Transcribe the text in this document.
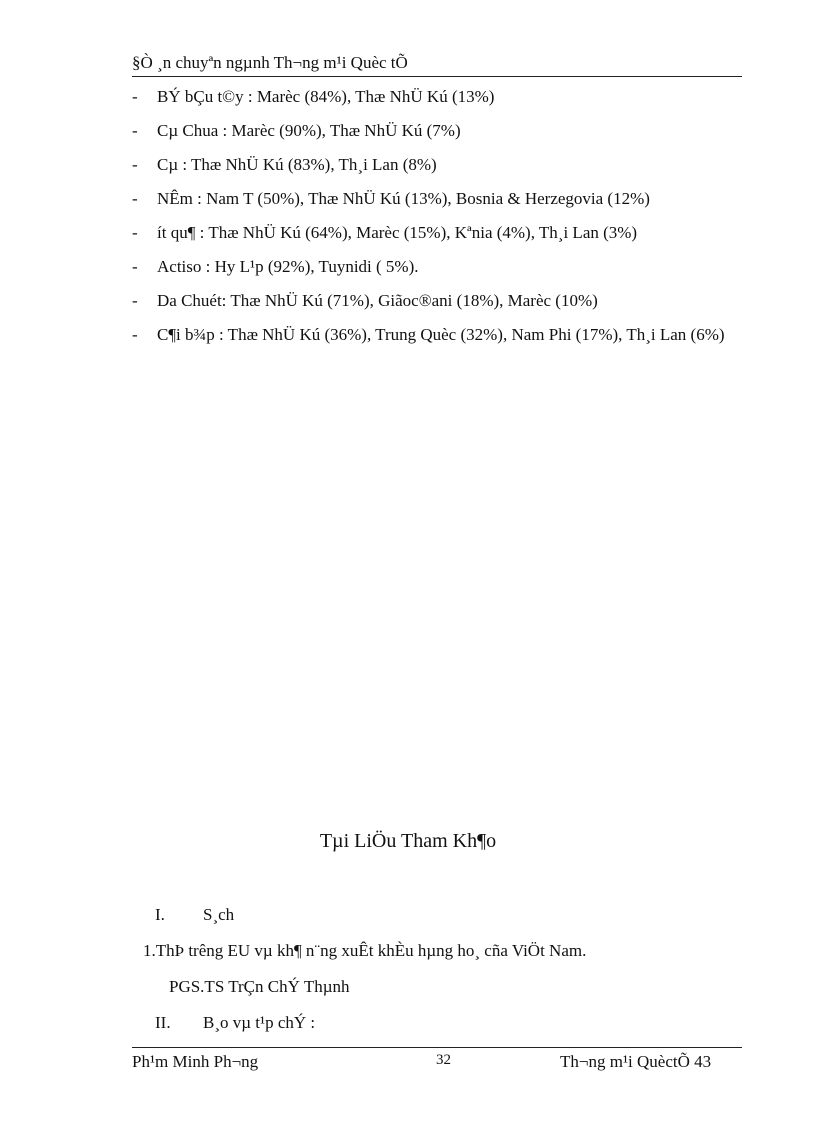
§Ò ¸n chuyªn ngµnh Th¬ng m¹i Quèc tÕ
- BÝ bÇu t©y : Marèc (84%), Thæ NhÜ Kú (13%)
- Cµ Chua : Marèc (90%), Thæ NhÜ Kú (7%)
- Cµ : Thæ NhÜ Kú (83%), Th¸i Lan (8%)
- NÊm : Nam T (50%), Thæ NhÜ Kú (13%), Bosnia & Herzegovia (12%)
- ít qu¶ : Thæ NhÜ Kú (64%), Marèc (15%), Kªnia (4%), Th¸i Lan (3%)
- Actiso : Hy L¹p (92%), Tuynidi ( 5%).
- Da Chuét: Thæ NhÜ Kú (71%), Giãoc®ani (18%), Marèc (10%)
- C¶i b¾p : Thæ NhÜ Kú (36%), Trung Quèc (32%), Nam Phi (17%), Th¸i Lan (6%)
Tµi LiÖu Tham Kh¶o
I. S¸ch
1.ThÞ trêng EU vµ kh¶ n¨ng xuÊt khÈu hµng ho¸ cña ViÖt Nam.
PGS.TS TrÇn ChÝ Thµnh
II. B¸o vµ t¹p chÝ :
Ph¹m Minh Ph¬ng	32	Th¬ng m¹i QuèctÕ 43
